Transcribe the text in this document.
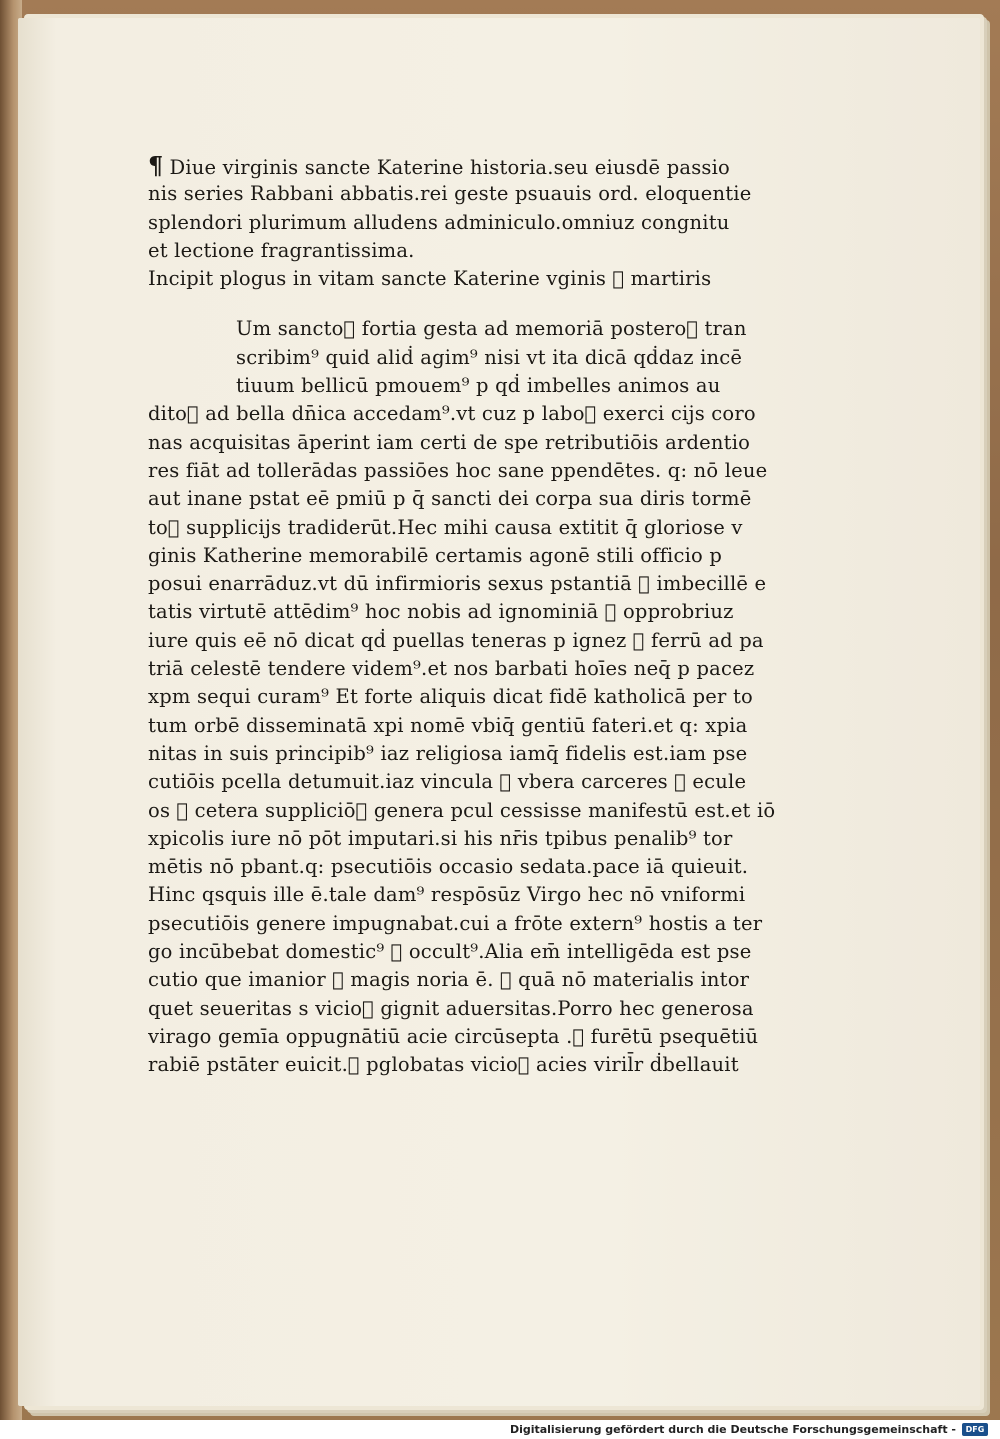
¶ Diue virginis sancte Katerine historia.seu eiusdē passio
nis series Rabbani abbatis.rei geste psuauis ord. eloquentie
splendori plurimum alludens adminiculo.omniuz congnitu
et lectione fragrantissima.
Incipit plogus in vitam sancte Katerine vginis ᷓ martiris
Um sanctoᷓ fortia gesta ad memoriā posteroᷓ tran
scribim⁹ quid aliḋ agim⁹ nisi vt ita dicā qḋdaz incē
tiuum bellicū pmouem⁹ p qḋ imbelles animos au
ditoᷓ ad bella dn̄ica accedam⁹.vt cuz p laboᷓ exerci cijs coro
nas acquisitas āperint iam certi de spe retributiōis ardentio
res fiāt ad tollerādas passiōes hoc sane ppendētes. q: nō leue
aut inane pstat eē pmiū p q̄ sancti dei corpa sua diris tormē
toᷓ supplicijs tradiderūt.Hec mihi causa extitit q̄ gloriose v
ginis Katherine memorabilē certamis agonē stili officio p
posui enarrāduz.vt dū infirmioris sexus pstantiā ᷓ imbecillē e
tatis virtutē attēdim⁹ hoc nobis ad ignominiā ᷓ opprobriuz
iure quis eē nō dicat qḋ puellas teneras p ignez ᷓ ferrū ad pa
triā celestē tendere videm⁹.et nos barbati hoīes neq̄ p pacez
xpm sequi curam⁹ Et forte aliquis dicat fidē katholicā per to
tum orbē disseminatā xpi nomē vbiq̄ gentiū fateri.et q: xpia
nitas in suis principib⁹ iaz religiosa iamq̄ fidelis est.iam pse
cutiōis pcella detumuit.iaz vincula ᷓ vbera carceres ᷓ ecule
os ᷓ cetera suppliciōᷓ genera pcul cessisse manifestū est.et iō
xpicolis iure nō pōt imputari.si his nr̄is tpibus penalib⁹ tor
mētis nō pbant.q: psecutiōis occasio sedata.pace iā quieuit.
Hinc qsquis ille ē.tale dam⁹ respōsūz Virgo hec nō vniformi
psecutiōis genere impugnabat.cui a frōte extern⁹ hostis a ter
go incūbebat domestic⁹ ᷓ occult⁹.Alia em̄ intelligēda est pse
cutio que imanior ᷓ magis noria ē. ᷓ quā nō materialis intor
quet seueritas s vicioᷓ gignit aduersitas.Porro hec generosa
virago gemīa oppugnātiū acie circūsepta .ᷓ furētū psequētiū
rabiē pstāter euicit.ᷓ pglobatas vicioᷓ acies viril̄r ḋbellauit
Digitalisierung gefördert durch die Deutsche Forschungsgemeinschaft -	DFG
